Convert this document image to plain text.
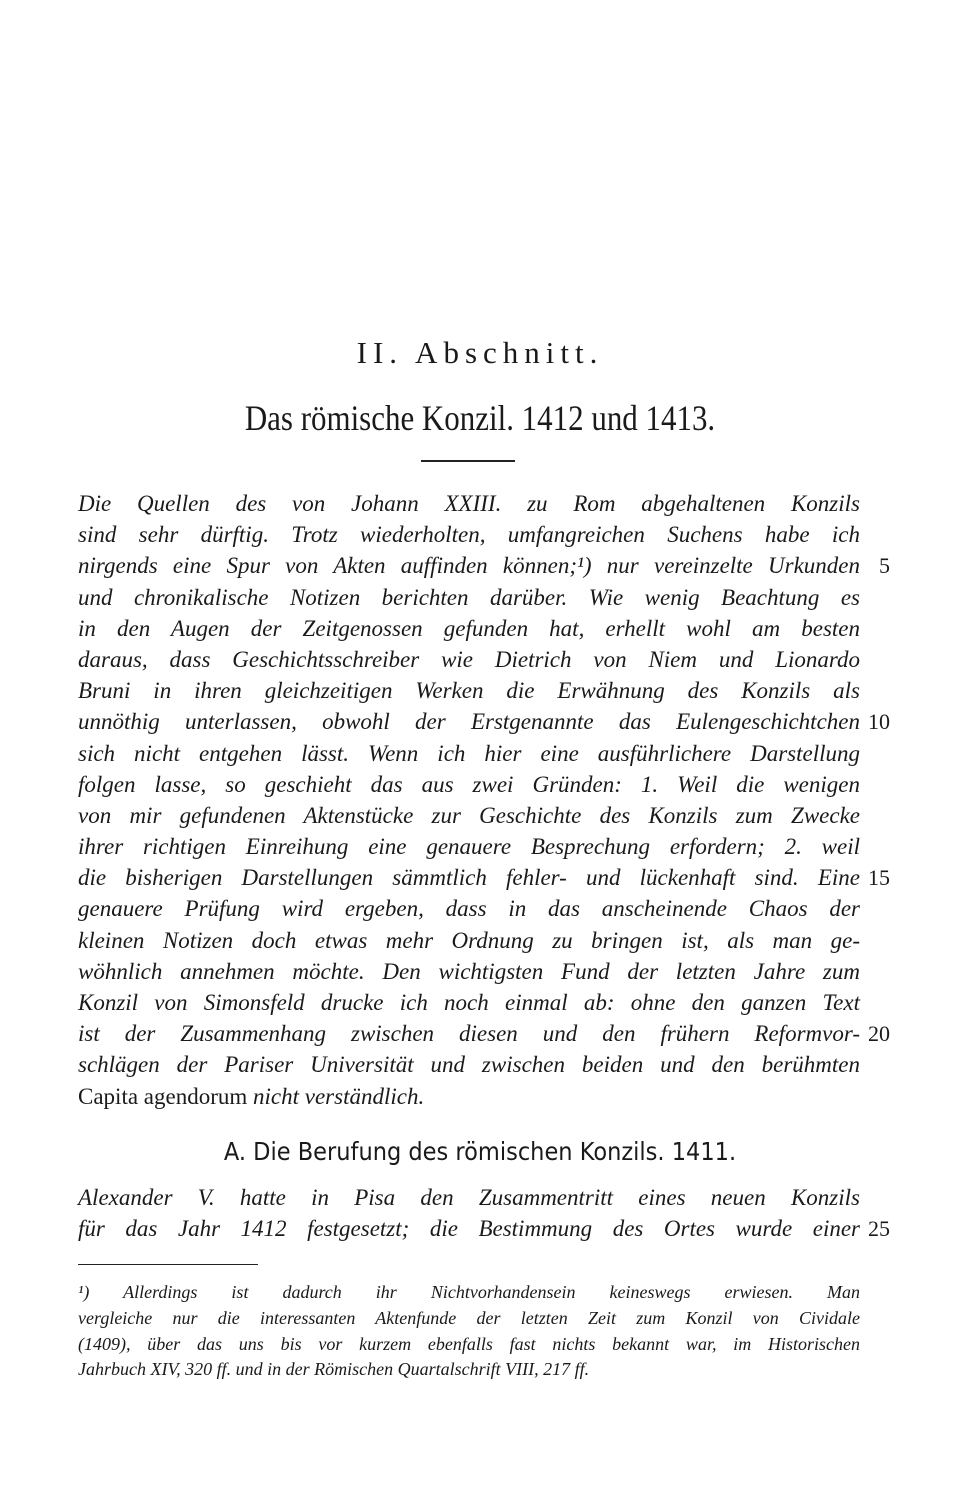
II. Abschnitt.
Das römische Konzil. 1412 und 1413.
Die Quellen des von Johann XXIII. zu Rom abgehaltenen Konzils
sind sehr dürftig. Trotz wiederholten, umfangreichen Suchens habe ich
nirgends eine Spur von Akten auffinden können;¹) nur vereinzelte Urkunden 5
und chronikalische Notizen berichten darüber. Wie wenig Beachtung es
in den Augen der Zeitgenossen gefunden hat, erhellt wohl am besten
daraus, dass Geschichtsschreiber wie Dietrich von Niem und Lionardo
Bruni in ihren gleichzeitigen Werken die Erwähnung des Konzils als
unnöthig unterlassen, obwohl der Erstgenannte das Eulengeschichtchen 10
sich nicht entgehen lässt. Wenn ich hier eine ausführlichere Darstellung
folgen lasse, so geschieht das aus zwei Gründen: 1. Weil die wenigen
von mir gefundenen Aktenstücke zur Geschichte des Konzils zum Zwecke
ihrer richtigen Einreihung eine genauere Besprechung erfordern; 2. weil
die bisherigen Darstellungen sämmtlich fehler- und lückenhaft sind. Eine 15
genauere Prüfung wird ergeben, dass in das anscheinende Chaos der
kleinen Notizen doch etwas mehr Ordnung zu bringen ist, als man ge-
wöhnlich annehmen möchte. Den wichtigsten Fund der letzten Jahre zum
Konzil von Simonsfeld drucke ich noch einmal ab: ohne den ganzen Text
ist der Zusammenhang zwischen diesen und den frühern Reformvor- 20
schlägen der Pariser Universität und zwischen beiden und den berühmten
Capita agendorum nicht verständlich.
A. Die Berufung des römischen Konzils. 1411.
Alexander V. hatte in Pisa den Zusammentritt eines neuen Konzils
für das Jahr 1412 festgesetzt; die Bestimmung des Ortes wurde einer 25
¹) Allerdings ist dadurch ihr Nichtvorhandensein keineswegs erwiesen. Man
vergleiche nur die interessanten Aktenfunde der letzten Zeit zum Konzil von Cividale
(1409), über das uns bis vor kurzem ebenfalls fast nichts bekannt war, im Historischen
Jahrbuch XIV, 320 ff. und in der Römischen Quartalschrift VIII, 217 ff.
